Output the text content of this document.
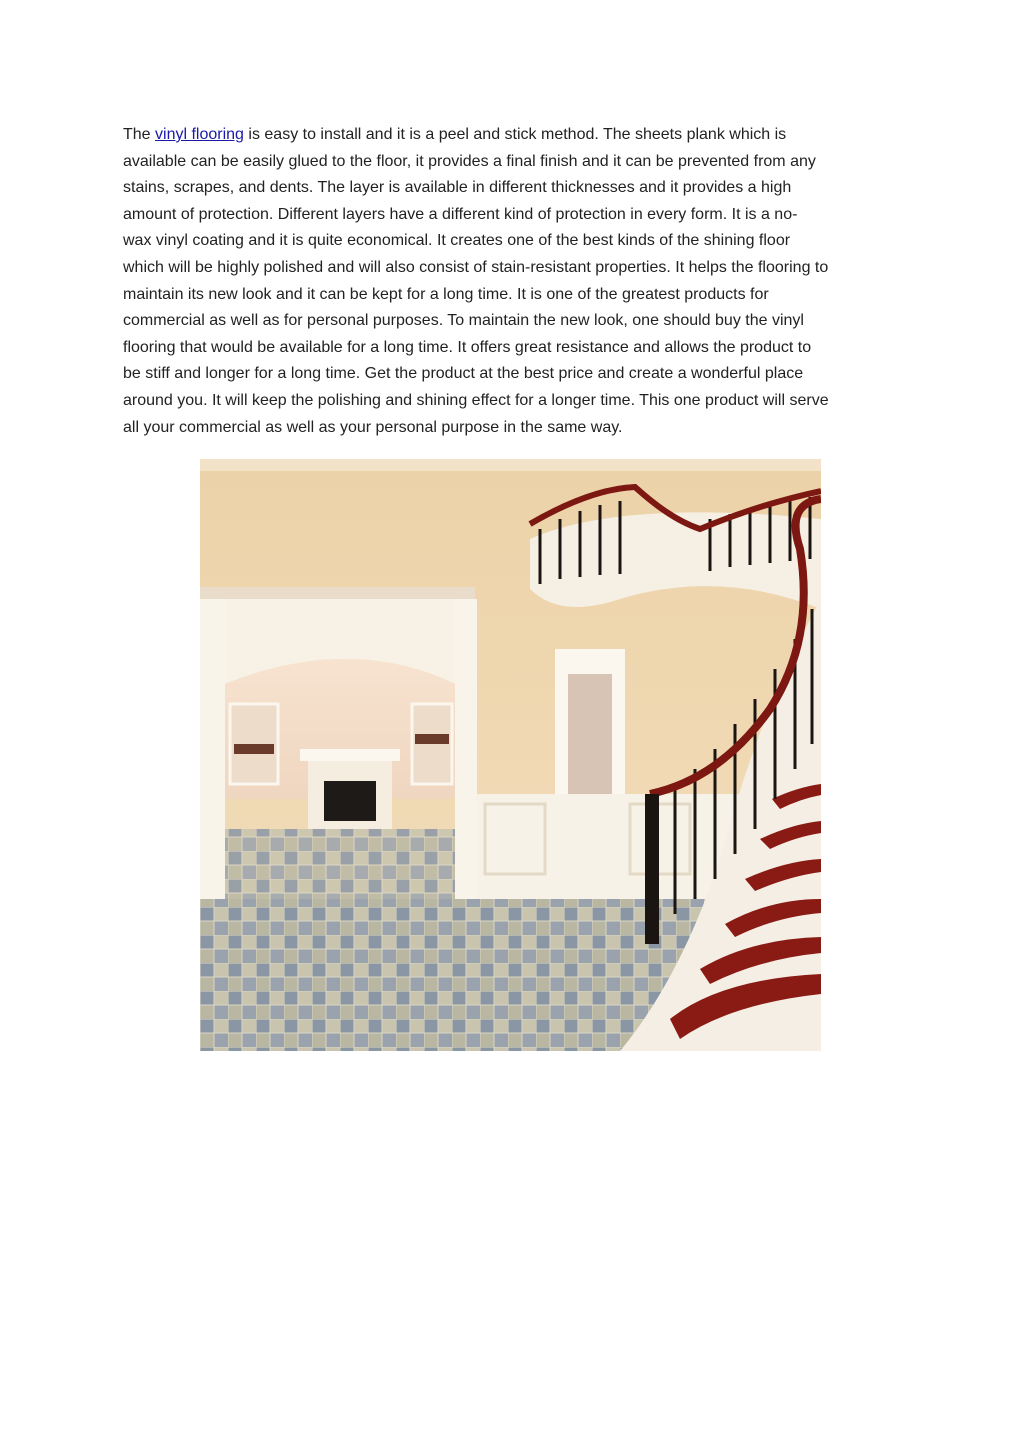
The vinyl flooring is easy to install and it is a peel and stick method. The sheets plank which is
available can be easily glued to the floor, it provides a final finish and it can be prevented from any
stains, scrapes, and dents. The layer is available in different thicknesses and it provides a high
amount of protection. Different layers have a different kind of protection in every form. It is a no-
wax vinyl coating and it is quite economical. It creates one of the best kinds of the shining floor
which will be highly polished and will also consist of stain-resistant properties. It helps the flooring to
maintain its new look and it can be kept for a long time. It is one of the greatest products for
commercial as well as for personal purposes. To maintain the new look, one should buy the vinyl
flooring that would be available for a long time. It offers great resistance and allows the product to
be stiff and longer for a long time. Get the product at the best price and create a wonderful place
around you. It will keep the polishing and shining effect for a longer time. This one product will serve
all your commercial as well as your personal purpose in the same way.
